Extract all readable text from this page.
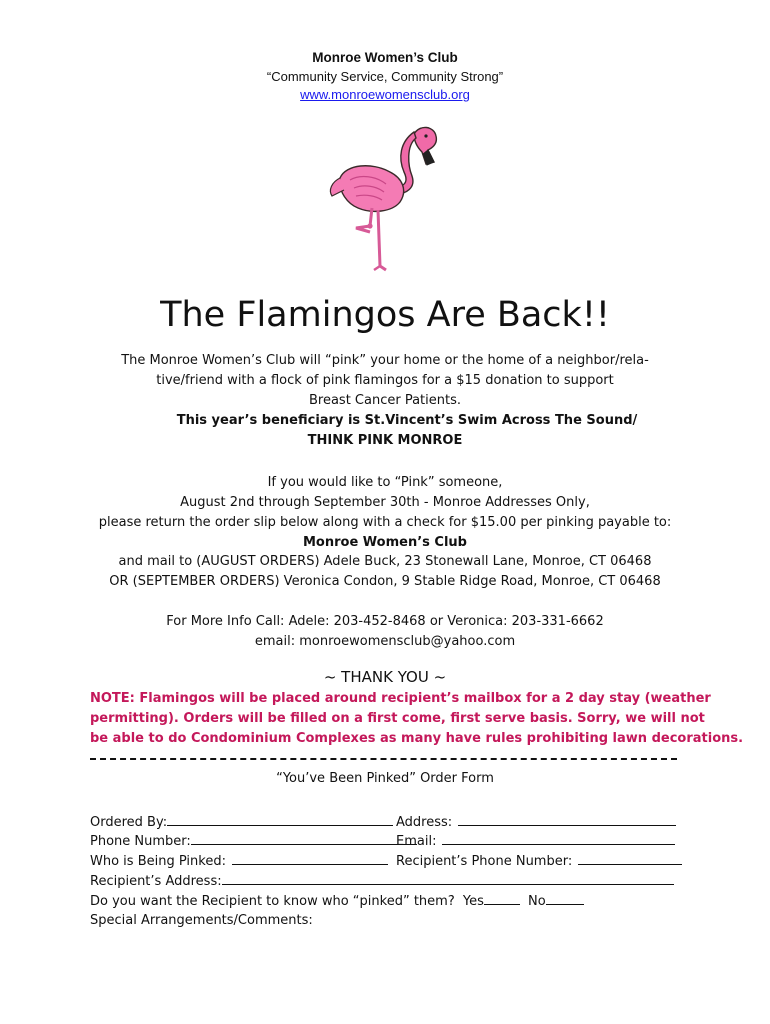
Monroe Women’s Club
“Community Service, Community Strong”
www.monroewomensclub.org
The Flamingos Are Back!!
The Monroe Women’s Club will “pink” your home or the home of a neighbor/rela-
tive/friend with a flock of pink flamingos for a $15 donation to support
Breast Cancer Patients.
This year’s beneficiary is St.Vincent’s Swim Across The Sound/
THINK PINK MONROE
If you would like to “Pink” someone,
August 2nd through September 30th - Monroe Addresses Only,
please return the order slip below along with a check for $15.00 per pinking payable to:
Monroe Women’s Club
and mail to (AUGUST ORDERS) Adele Buck, 23 Stonewall Lane, Monroe, CT 06468
OR (SEPTEMBER ORDERS) Veronica Condon, 9 Stable Ridge Road, Monroe, CT 06468
For More Info Call: Adele: 203-452-8468 or Veronica: 203-331-6662
email: monroewomensclub@yahoo.com
~ THANK YOU ~
NOTE: Flamingos will be placed around recipient’s mailbox for a 2 day stay (weather
permitting). Orders will be filled on a first come, first serve basis. Sorry, we will not
be able to do Condominium Complexes as many have rules prohibiting lawn decorations.
“You’ve Been Pinked” Order Form
Ordered By:	Address:
Phone Number:	Email:
Who is Being Pinked:	Recipient’s Phone Number:
Recipient’s Address:
Do you want the Recipient to know who “pinked” them? Yes	No
Special Arrangements/Comments:
